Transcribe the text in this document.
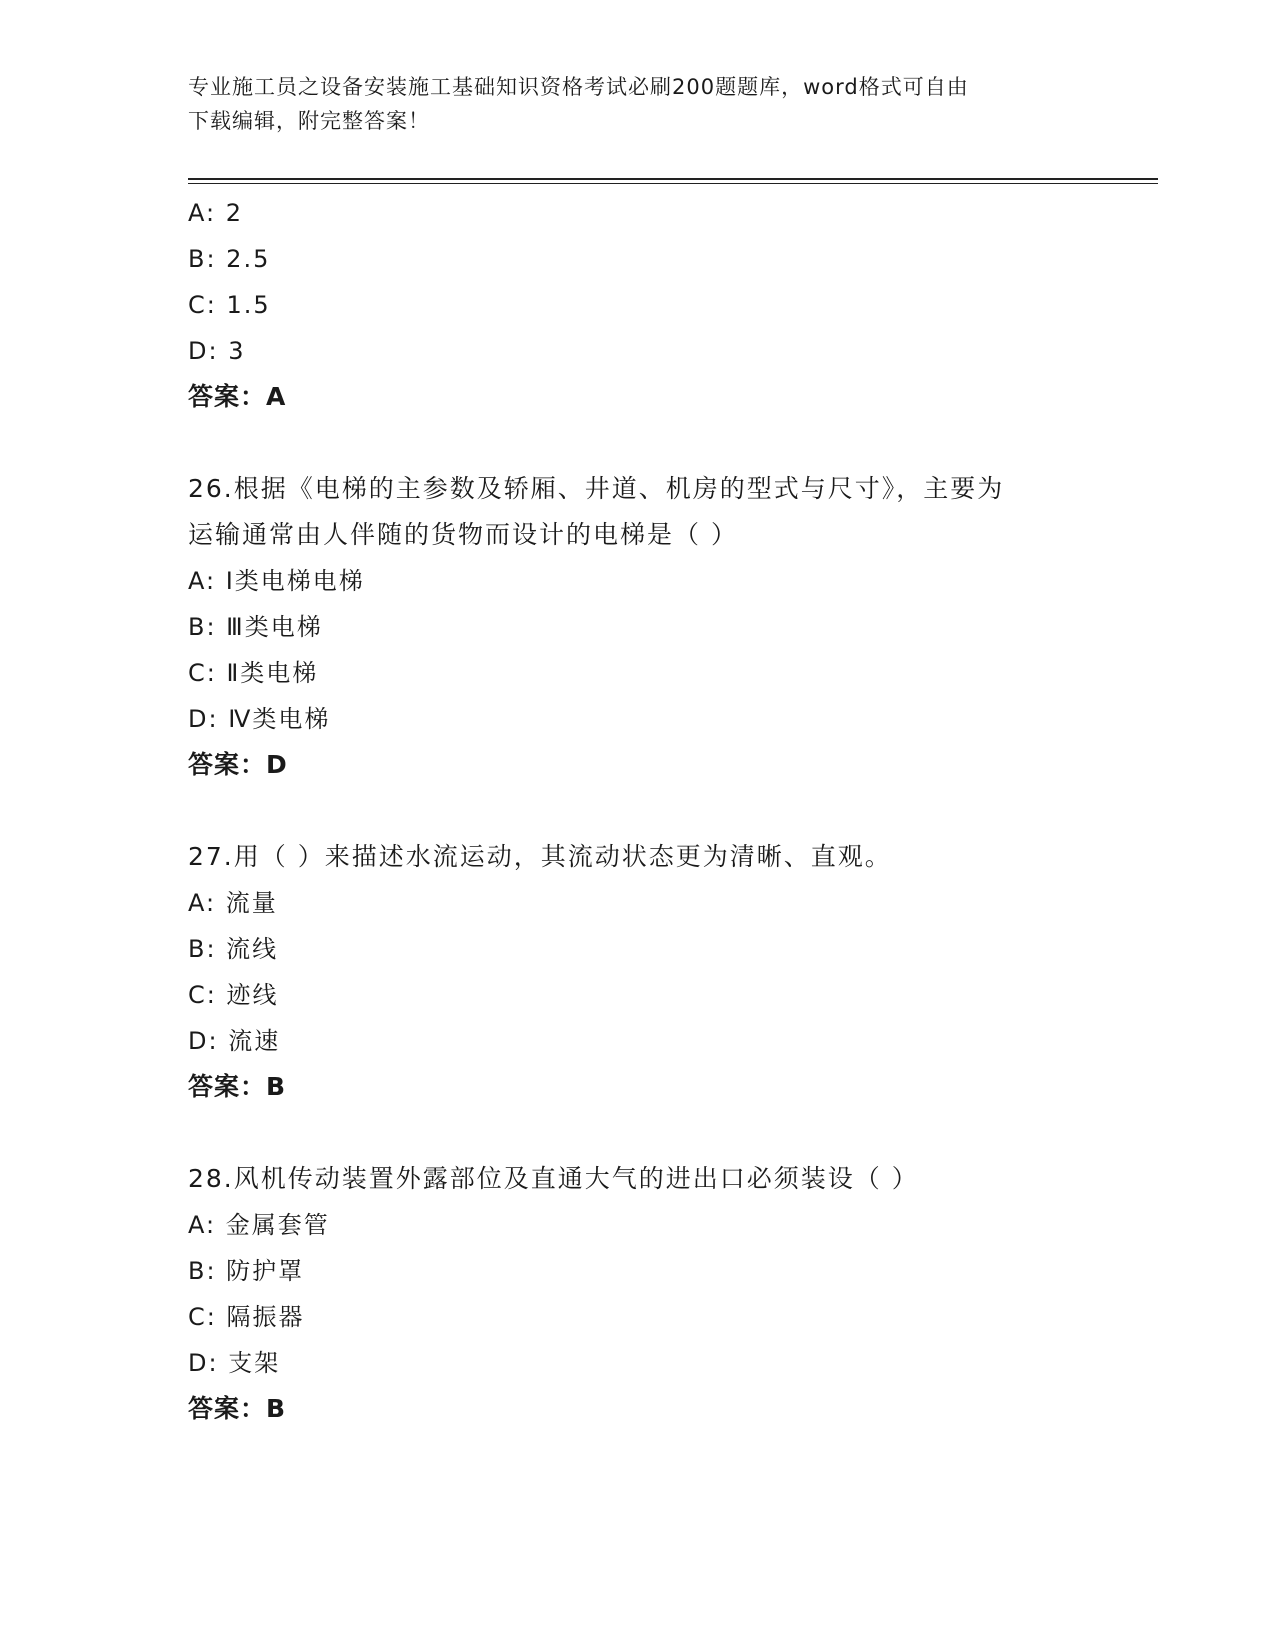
专业施工员之设备安装施工基础知识资格考试必刷200题题库，word格式可自由
下载编辑，附完整答案！
A: 2
B: 2.5
C: 1.5
D: 3
答案：A
26.根据《电梯的主参数及轿厢、井道、机房的型式与尺寸》，主要为
运输通常由人伴随的货物而设计的电梯是（ ）
A: Ⅰ类电梯电梯
B: Ⅲ类电梯
C: Ⅱ类电梯
D: Ⅳ类电梯
答案：D
27.用（ ）来描述水流运动，其流动状态更为清晰、直观。
A: 流量
B: 流线
C: 迹线
D: 流速
答案：B
28.风机传动装置外露部位及直通大气的进出口必须装设（ ）
A: 金属套管
B: 防护罩
C: 隔振器
D: 支架
答案：B
